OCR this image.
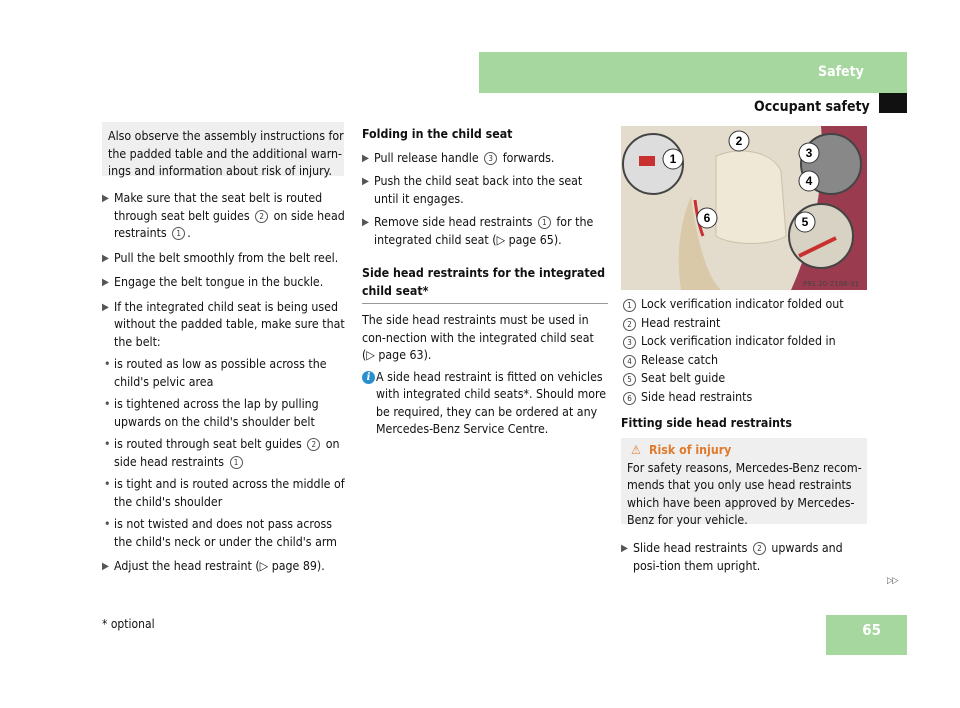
Safety
Occupant safety

Also observe the assembly instructions for the padded table and the additional warn-ings and information about risk of injury.

▶ Make sure that the seat belt is routed through seat belt guides 2 on side head restraints 1 .

▶ Pull the belt smoothly from the belt reel.

▶ Engage the belt tongue in the buckle.

▶ If the integrated child seat is being used without the padded table, make sure that the belt:

• is routed as low as possible across the child's pelvic area

• is tightened across the lap by pulling upwards on the child's shoulder belt

• is routed through seat belt guides 2 on side head restraints 1

• is tight and is routed across the middle of the child's shoulder

• is not twisted and does not pass across the child's neck or under the child's arm

▶ Adjust the head restraint (▷ page 89).

Folding in the child seat

▶ Pull release handle 3 forwards.

▶ Push the child seat back into the seat until it engages.

▶ Remove side head restraints 1 for the integrated child seat (▷ page 65).

Side head restraints for the integrated child seat*

The side head restraints must be used in con-nection with the integrated child seat (▷ page 63).

i A side head restraint is fitted on vehicles with integrated child seats*. Should more be required, they can be ordered at any Mercedes-Benz Service Centre.

1
2
3
4
5
6
P91.20-2186-31

1 Lock verification indicator folded out

2 Head restraint

3 Lock verification indicator folded in

4 Release catch

5 Seat belt guide

6 Side head restraints

Fitting side head restraints

⚠ Risk of injury

For safety reasons, Mercedes-Benz recom-mends that you only use head restraints which have been approved by Mercedes-Benz for your vehicle.

▶ Slide head restraints 2 upwards and posi-tion them upright.

▷▷
* optional	65
